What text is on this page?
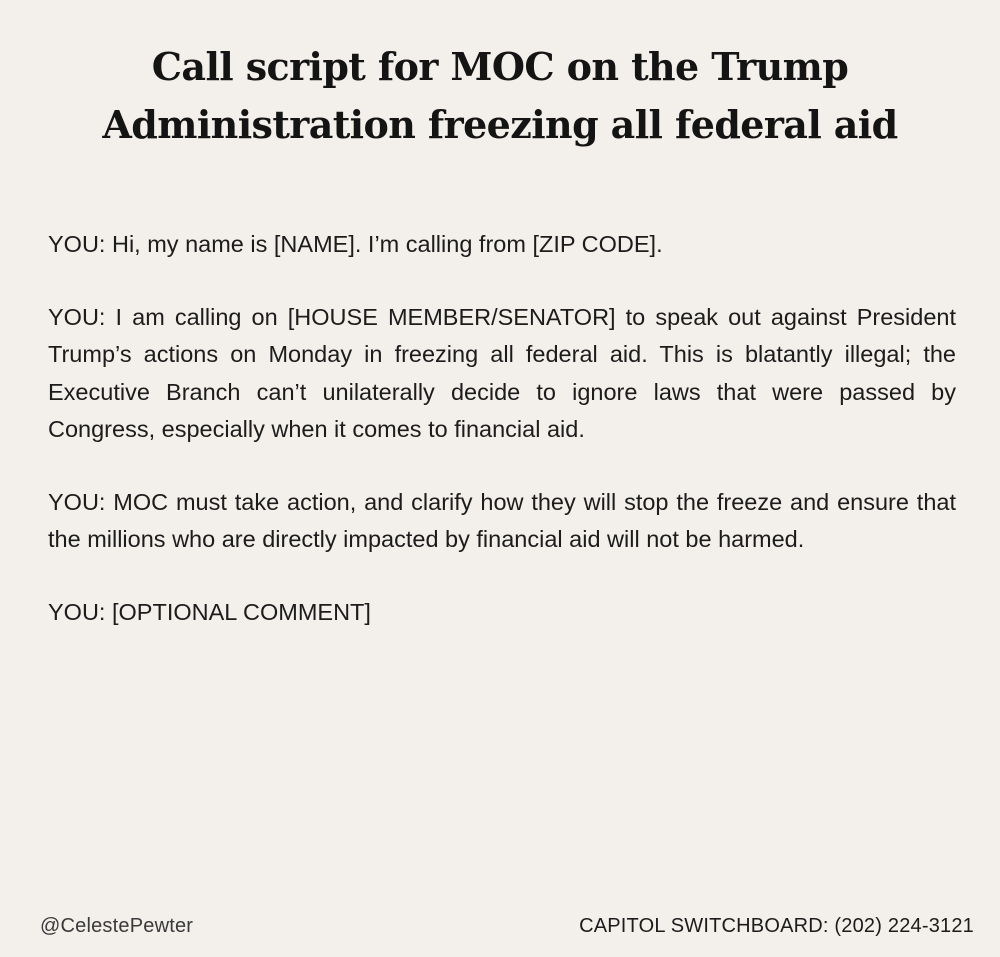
Call script for MOC on the Trump
Administration freezing all federal aid

YOU: Hi, my name is [NAME]. I’m calling from [ZIP CODE].

YOU: I am calling on [HOUSE MEMBER/SENATOR] to speak out against President Trump’s actions on Monday in freezing all federal aid. This is blatantly illegal; the Executive Branch can’t unilaterally decide to ignore laws that were passed by Congress, especially when it comes to financial aid.

YOU: MOC must take action, and clarify how they will stop the freeze and ensure that the millions who are directly impacted by financial aid will not be harmed.

YOU: [OPTIONAL COMMENT]

@CelestePewter	CAPITOL SWITCHBOARD: (202) 224-3121
